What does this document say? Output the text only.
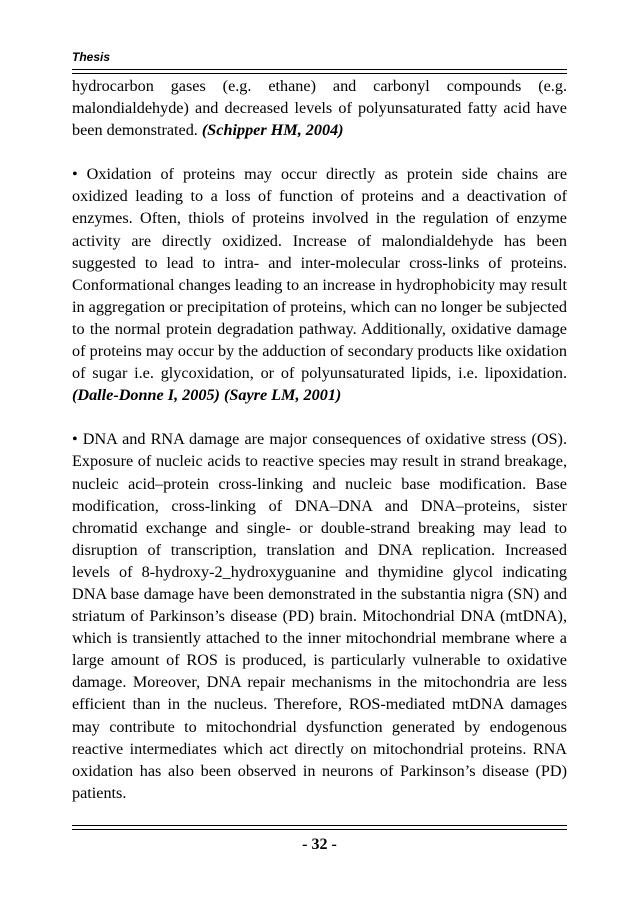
Thesis

hydrocarbon gases (e.g. ethane) and carbonyl compounds (e.g. malondialdehyde) and decreased levels of polyunsaturated fatty acid have been demonstrated. (Schipper HM, 2004)

• Oxidation of proteins may occur directly as protein side chains are oxidized leading to a loss of function of proteins and a deactivation of enzymes. Often, thiols of proteins involved in the regulation of enzyme activity are directly oxidized. Increase of malondialdehyde has been suggested to lead to intra- and inter-molecular cross-links of proteins. Conformational changes leading to an increase in hydrophobicity may result in aggregation or precipitation of proteins, which can no longer be subjected to the normal protein degradation pathway. Additionally, oxidative damage of proteins may occur by the adduction of secondary products like oxidation of sugar i.e. glycoxidation, or of polyunsaturated lipids, i.e. lipoxidation. (Dalle-Donne I, 2005) (Sayre LM, 2001)

• DNA and RNA damage are major consequences of oxidative stress (OS). Exposure of nucleic acids to reactive species may result in strand breakage, nucleic acid–protein cross-linking and nucleic base modification. Base modification, cross-linking of DNA–DNA and DNA–proteins, sister chromatid exchange and single- or double-strand breaking may lead to disruption of transcription, translation and DNA replication. Increased levels of 8-hydroxy-2_hydroxyguanine and thymidine glycol indicating DNA base damage have been demonstrated in the substantia nigra (SN) and striatum of Parkinson’s disease (PD) brain. Mitochondrial DNA (mtDNA), which is transiently attached to the inner mitochondrial membrane where a large amount of ROS is produced, is particularly vulnerable to oxidative damage. Moreover, DNA repair mechanisms in the mitochondria are less efficient than in the nucleus. Therefore, ROS-mediated mtDNA damages may contribute to mitochondrial dysfunction generated by endogenous reactive intermediates which act directly on mitochondrial proteins. RNA oxidation has also been observed in neurons of Parkinson’s disease (PD) patients.

- 32 -
